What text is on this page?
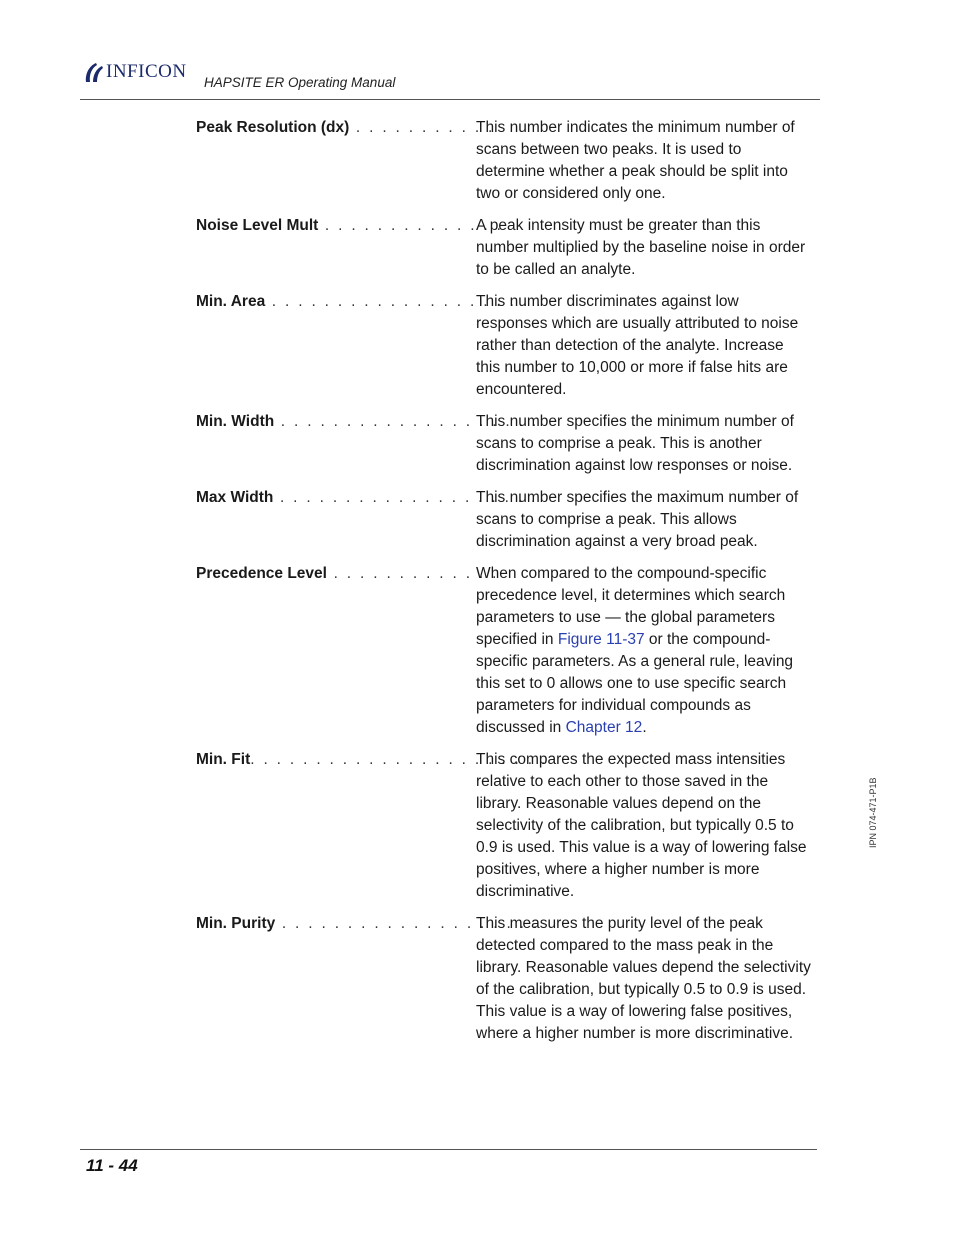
INFICON
HAPSITE ER Operating Manual
Peak Resolution (dx) . . . . . . . . . . .
This number indicates the minimum number of scans between two peaks. It is used to determine whether a peak should be split into two or considered only one.
Noise Level Mult . . . . . . . . . . . . . .
A peak intensity must be greater than this number multiplied by the baseline noise in order to be called an analyte.
Min. Area . . . . . . . . . . . . . . . . . . . . .
This number discriminates against low responses which are usually attributed to noise rather than detection of the analyte. Increase this number to 10,000 or more if false hits are encountered.
Min. Width . . . . . . . . . . . . . . . . . . . .
This number specifies the minimum number of scans to comprise a peak. This is another discrimination against low responses or noise.
Max Width . . . . . . . . . . . . . . . . . . . .
This number specifies the maximum number of scans to comprise a peak. This allows discrimination against a very broad peak.
Precedence Level . . . . . . . . . . . . .
When compared to the compound-specific precedence level, it determines which search parameters to use — the global parameters specified in Figure 11-37 or the compound-specific parameters. As a general rule, leaving this set to 0 allows one to use specific search parameters for individual compounds as discussed in Chapter 12.
Min. Fit. . . . . . . . . . . . . . . . . . . . . . .
This compares the expected mass intensities relative to each other to those saved in the library. Reasonable values depend on the selectivity of the calibration, but typically 0.5 to 0.9 is used. This value is a way of lowering false positives, where a higher number is more discriminative.
Min. Purity . . . . . . . . . . . . . . . . . . . .
This measures the purity level of the peak detected compared to the mass peak in the library. Reasonable values depend the selectivity of the calibration, but typically 0.5 to 0.9 is used. This value is a way of lowering false positives, where a higher number is more discriminative.
IPN 074-471-P1B
11 - 44
